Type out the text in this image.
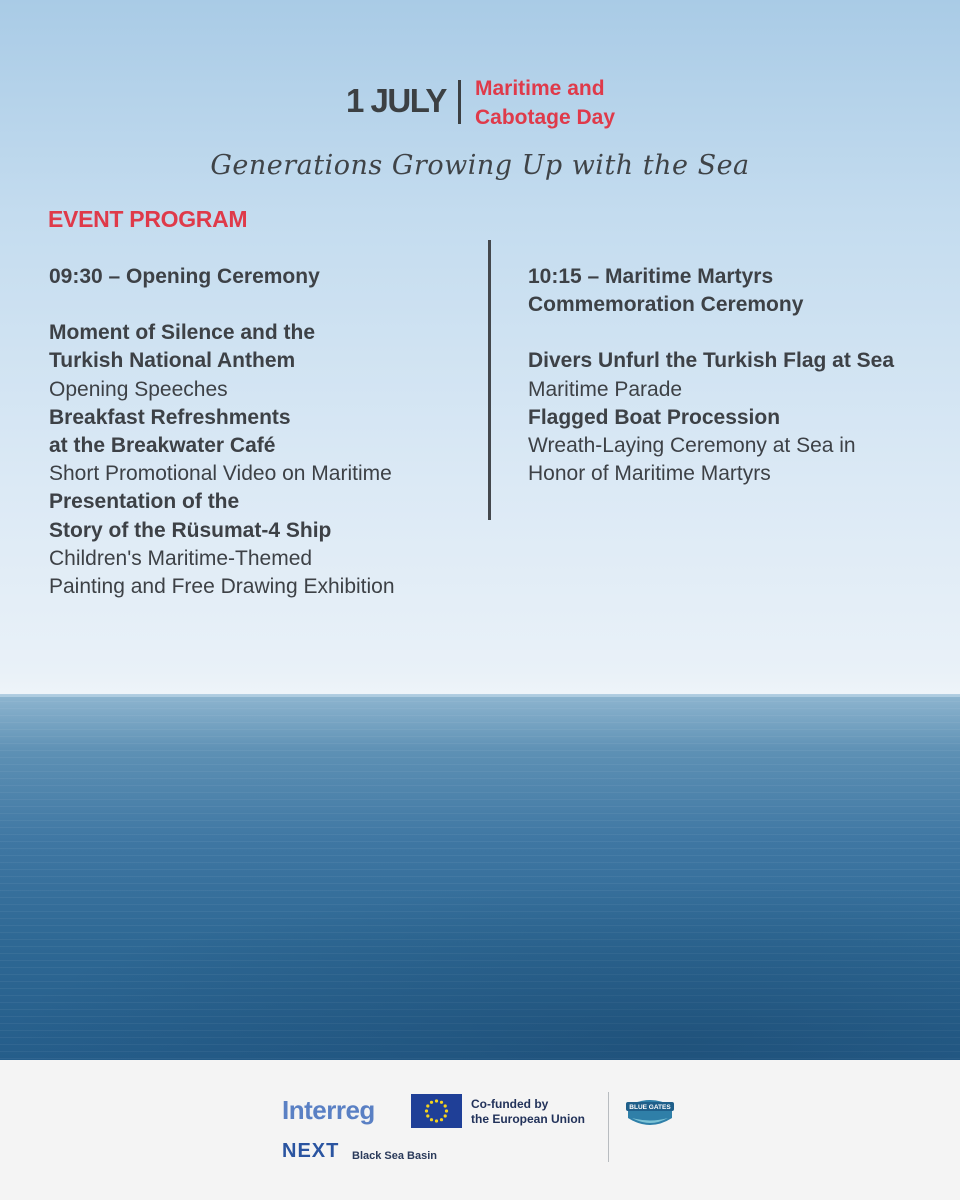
1 JULY Maritime and
Cabotage Day
Generations Growing Up with the Sea
EVENT PROGRAM

09:30 – Opening Ceremony

Moment of Silence and the

Turkish National Anthem

Opening Speeches

Breakfast Refreshments

at the Breakwater Café

Short Promotional Video on Maritime

Presentation of the

Story of the Rüsumat-4 Ship

Children's Maritime-Themed

Painting and Free Drawing Exhibition

10:15 – Maritime Martyrs

Commemoration Ceremony

Divers Unfurl the Turkish Flag at Sea

Maritime Parade

Flagged Boat Procession

Wreath-Laying Ceremony at Sea in

Honor of Maritime Martyrs

Interreg
NEXT Black Sea Basin
Co-funded by
the European Union
BLUE GATES
